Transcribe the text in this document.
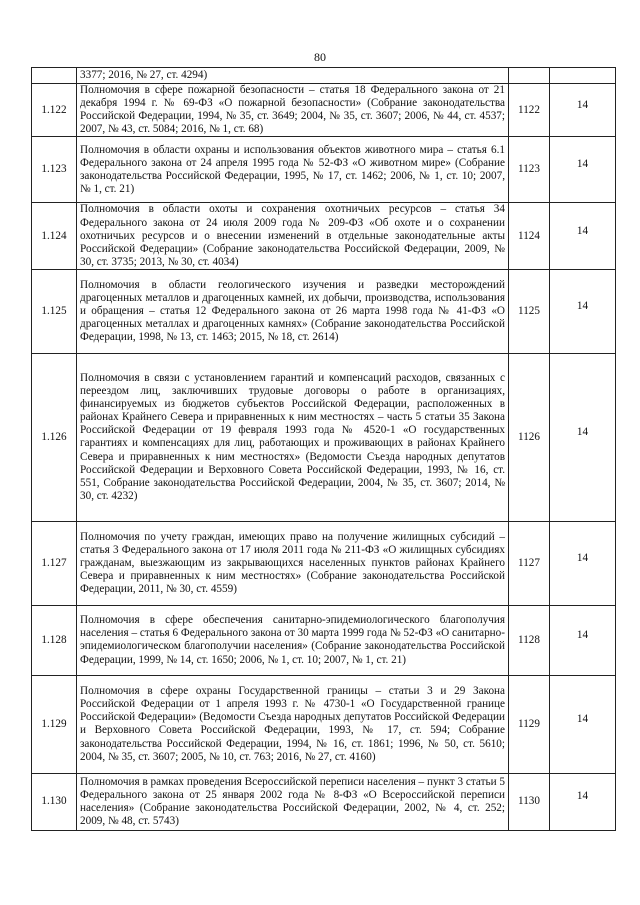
80
	3377; 2016, № 27, ст. 4294)		
1.122	Полномочия в сфере пожарной безопасности – статья 18 Федерального закона от 21 декабря 1994 г. № 69-ФЗ «О пожарной безопасности» (Собрание законодательства Российской Федерации, 1994, № 35, ст. 3649; 2004, № 35, ст. 3607; 2006, № 44, ст. 4537; 2007, № 43, ст. 5084; 2016, № 1, ст. 68)	1122	14
1.123	Полномочия в области охраны и использования объектов животного мира – статья 6.1 Федерального закона от 24 апреля 1995 года № 52-ФЗ «О животном мире» (Собрание законодательства Российской Федерации, 1995, № 17, ст. 1462; 2006, № 1, ст. 10; 2007, № 1, ст. 21)	1123	14
1.124	Полномочия в области охоты и сохранения охотничьих ресурсов – статья 34 Федерального закона от 24 июля 2009 года № 209-ФЗ «Об охоте и о сохранении охотничьих ресурсов и о внесении изменений в отдельные законодательные акты Российской Федерации» (Собрание законодательства Российской Федерации, 2009, № 30, ст. 3735; 2013, № 30, ст. 4034)	1124	14
1.125	Полномочия в области геологического изучения и разведки месторождений драгоценных металлов и драгоценных камней, их добычи, производства, использования и обращения – статья 12 Федерального закона от 26 марта 1998 года № 41-ФЗ «О драгоценных металлах и драгоценных камнях» (Собрание законодательства Российской Федерации, 1998, № 13, ст. 1463; 2015, № 18, ст. 2614)	1125	14
1.126	Полномочия в связи с установлением гарантий и компенсаций расходов, связанных с переездом лиц, заключивших трудовые договоры о работе в организациях, финансируемых из бюджетов субъектов Российской Федерации, расположенных в районах Крайнего Севера и приравненных к ним местностях – часть 5 статьи 35 Закона Российской Федерации от 19 февраля 1993 года № 4520-1 «О государственных гарантиях и компенсациях для лиц, работающих и проживающих в районах Крайнего Севера и приравненных к ним местностях» (Ведомости Съезда народных депутатов Российской Федерации и Верховного Совета Российской Федерации, 1993, № 16, ст. 551, Собрание законодательства Российской Федерации, 2004, № 35, ст. 3607; 2014, № 30, ст. 4232)	1126	14
1.127	Полномочия по учету граждан, имеющих право на получение жилищных субсидий – статья 3 Федерального закона от 17 июля 2011 года № 211-ФЗ «О жилищных субсидиях гражданам, выезжающим из закрывающихся населенных пунктов районах Крайнего Севера и приравненных к ним местностях» (Собрание законодательства Российской Федерации, 2011, № 30, ст. 4559)	1127	14
1.128	Полномочия в сфере обеспечения санитарно-эпидемиологического благополучия населения – статья 6 Федерального закона от 30 марта 1999 года № 52-ФЗ «О санитарно-эпидемиологическом благополучии населения» (Собрание законодательства Российской Федерации, 1999, № 14, ст. 1650; 2006, № 1, ст. 10; 2007, № 1, ст. 21)	1128	14
1.129	Полномочия в сфере охраны Государственной границы – статьи 3 и 29 Закона Российской Федерации от 1 апреля 1993 г. № 4730-1 «О Государственной границе Российской Федерации» (Ведомости Съезда народных депутатов Российской Федерации и Верховного Совета Российской Федерации, 1993, № 17, ст. 594; Собрание законодательства Российской Федерации, 1994, № 16, ст. 1861; 1996, № 50, ст. 5610; 2004, № 35, ст. 3607; 2005, № 10, ст. 763; 2016, № 27, ст. 4160)	1129	14
1.130	Полномочия в рамках проведения Всероссийской переписи населения – пункт 3 статьи 5 Федерального закона от 25 января 2002 года № 8-ФЗ «О Всероссийской переписи населения» (Собрание законодательства Российской Федерации, 2002, № 4, ст. 252; 2009, № 48, ст. 5743)	1130	14
